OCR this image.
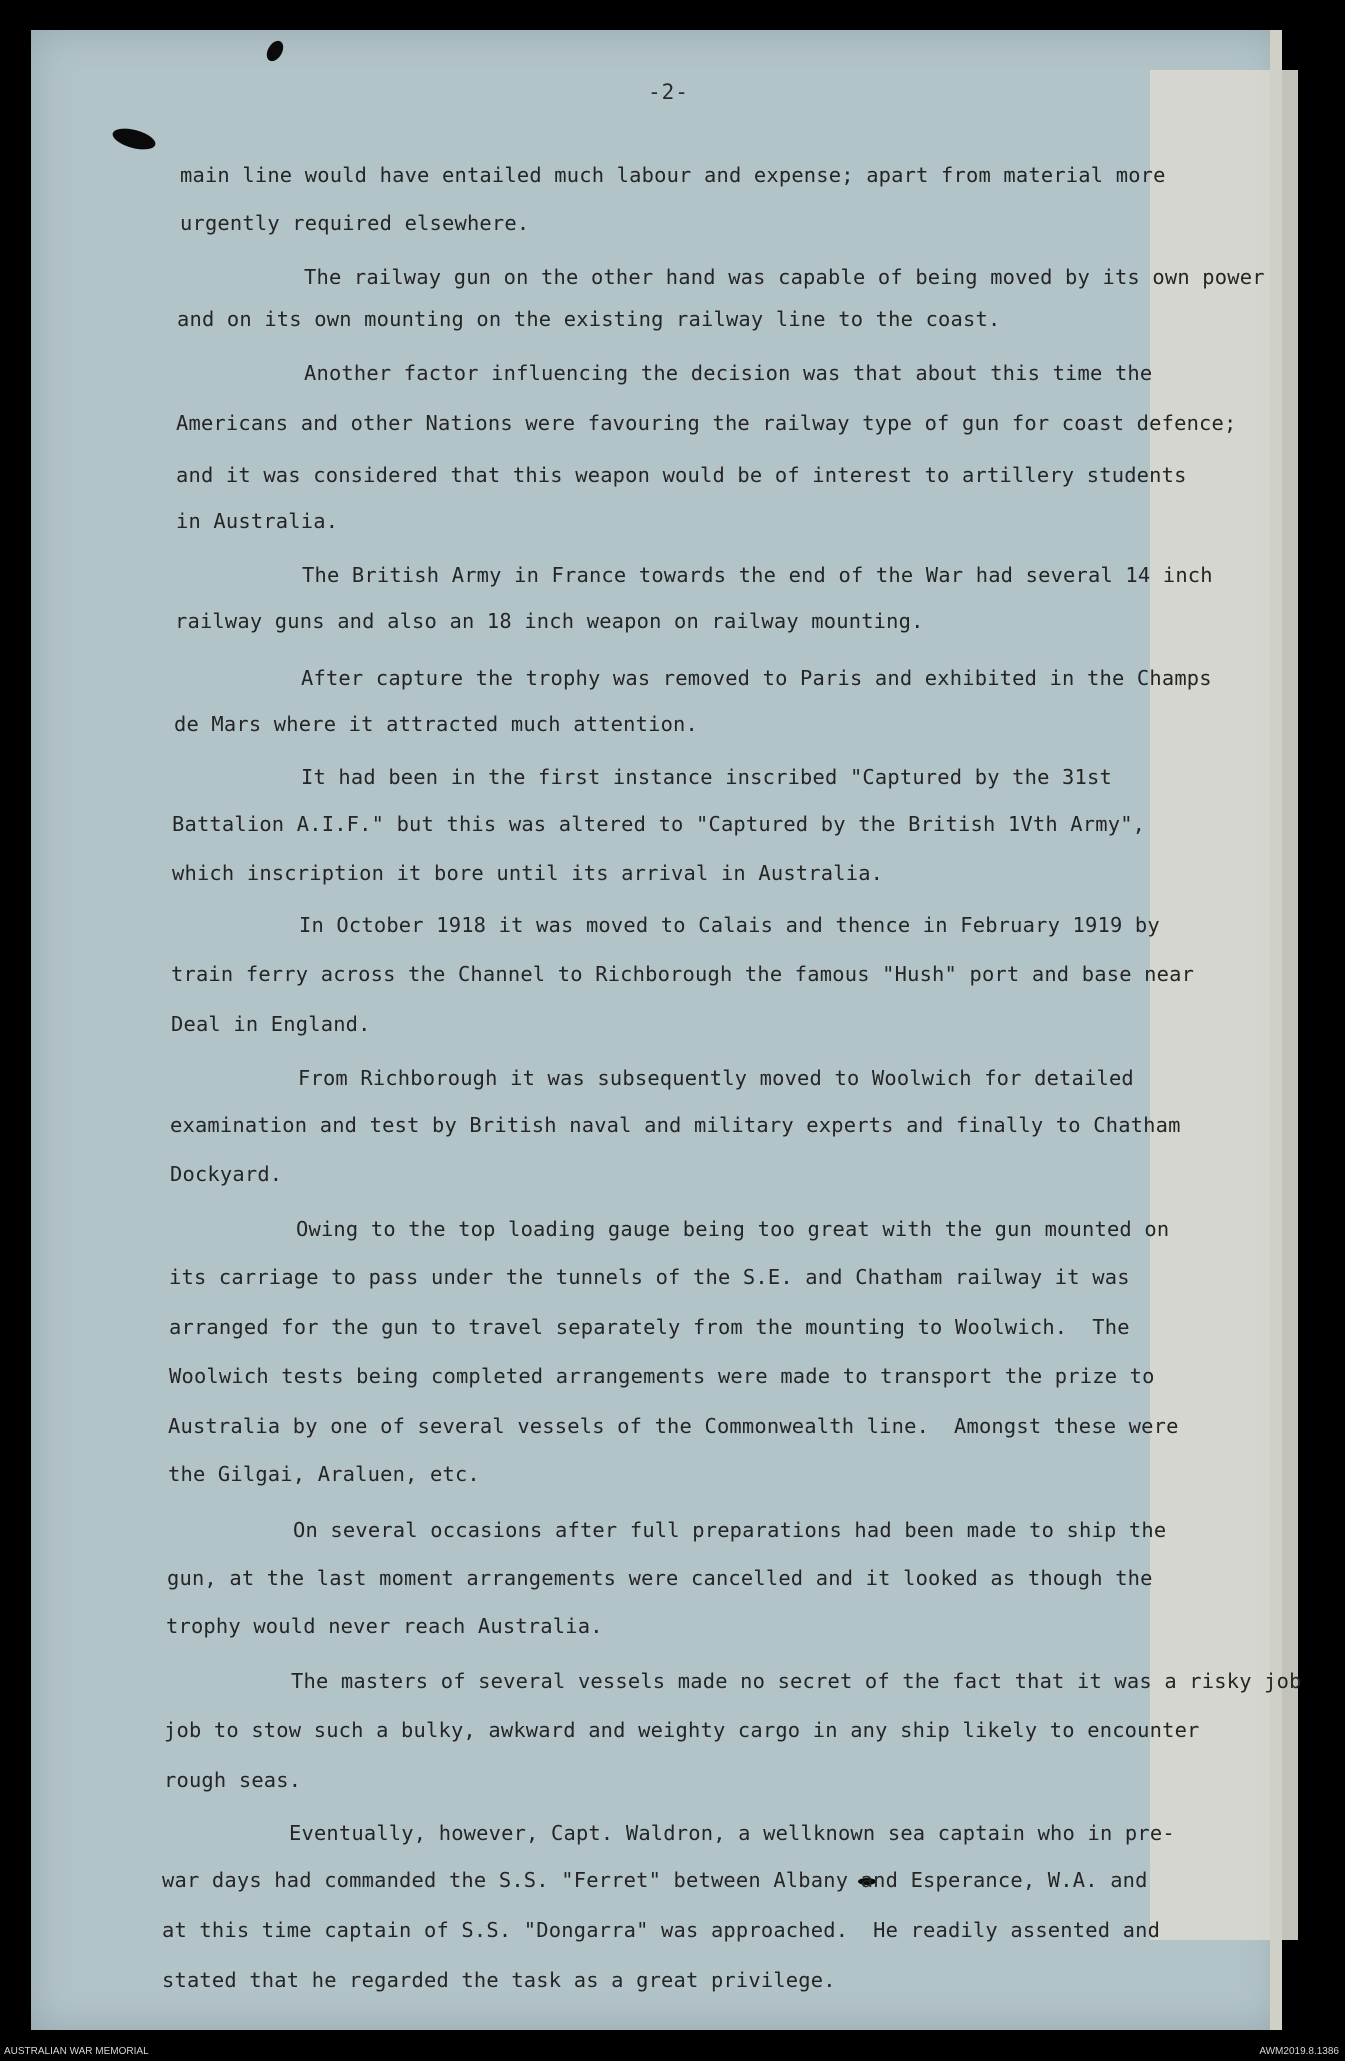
-2-
main line would have entailed much labour and expense; apart from material more
urgently required elsewhere.
The railway gun on the other hand was capable of being moved by its own power
and on its own mounting on the existing railway line to the coast.
Another factor influencing the decision was that about this time the
Americans and other Nations were favouring the railway type of gun for coast defence;
and it was considered that this weapon would be of interest to artillery students
in Australia.
The British Army in France towards the end of the War had several 14 inch
railway guns and also an 18 inch weapon on railway mounting.
After capture the trophy was removed to Paris and exhibited in the Champs
de Mars where it attracted much attention.
It had been in the first instance inscribed "Captured by the 31st
Battalion A.I.F." but this was altered to "Captured by the British 1Vth Army",
which inscription it bore until its arrival in Australia.
In October 1918 it was moved to Calais and thence in February 1919 by
train ferry across the Channel to Richborough the famous "Hush" port and base near
Deal in England.
From Richborough it was subsequently moved to Woolwich for detailed
examination and test by British naval and military experts and finally to Chatham
Dockyard.
Owing to the top loading gauge being too great with the gun mounted on
its carriage to pass under the tunnels of the S.E. and Chatham railway it was
arranged for the gun to travel separately from the mounting to Woolwich.  The
Woolwich tests being completed arrangements were made to transport the prize to
Australia by one of several vessels of the Commonwealth line.  Amongst these were
the Gilgai, Araluen, etc.
On several occasions after full preparations had been made to ship the
gun, at the last moment arrangements were cancelled and it looked as though the
trophy would never reach Australia.
The masters of several vessels made no secret of the fact that it was a risky job
job to stow such a bulky, awkward and weighty cargo in any ship likely to encounter
rough seas.
Eventually, however, Capt. Waldron, a wellknown sea captain who in pre-
war days had commanded the S.S. "Ferret" between Albany and Esperance, W.A. and
at this time captain of S.S. "Dongarra" was approached.  He readily assented and
stated that he regarded the task as a great privilege.
AUSTRALIAN WAR MEMORIAL	AWM2019.8.1386
